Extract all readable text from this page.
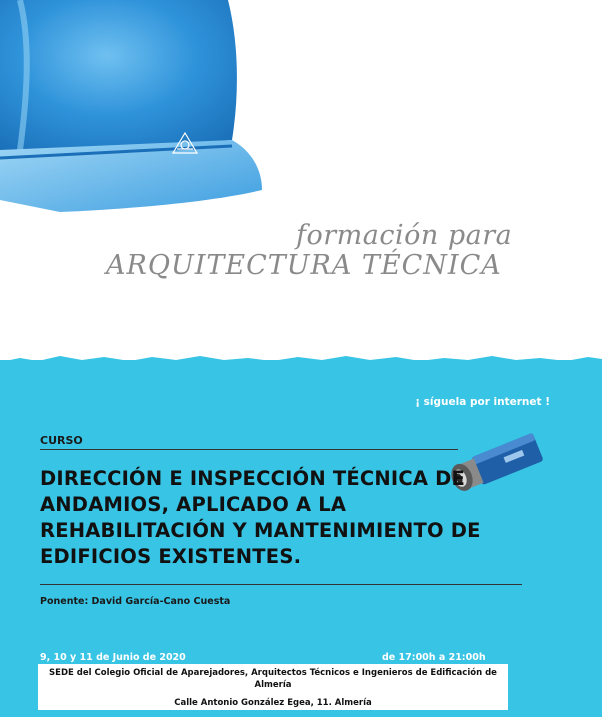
formación para
ARQUITECTURA TÉCNICA
¡ síguela por internet !
CURSO
DIRECCIÓN E INSPECCIÓN TÉCNICA DE
ANDAMIOS, APLICADO A LA
REHABILITACIÓN Y MANTENIMIENTO DE
EDIFICIOS EXISTENTES.
Ponente: David García-Cano Cuesta
9, 10 y 11 de Junio de 2020	de 17:00h a 21:00h
SEDE del Colegio Oficial de Aparejadores, Arquitectos Técnicos e Ingenieros de Edificación de Almería
Calle Antonio González Egea, 11. Almería
